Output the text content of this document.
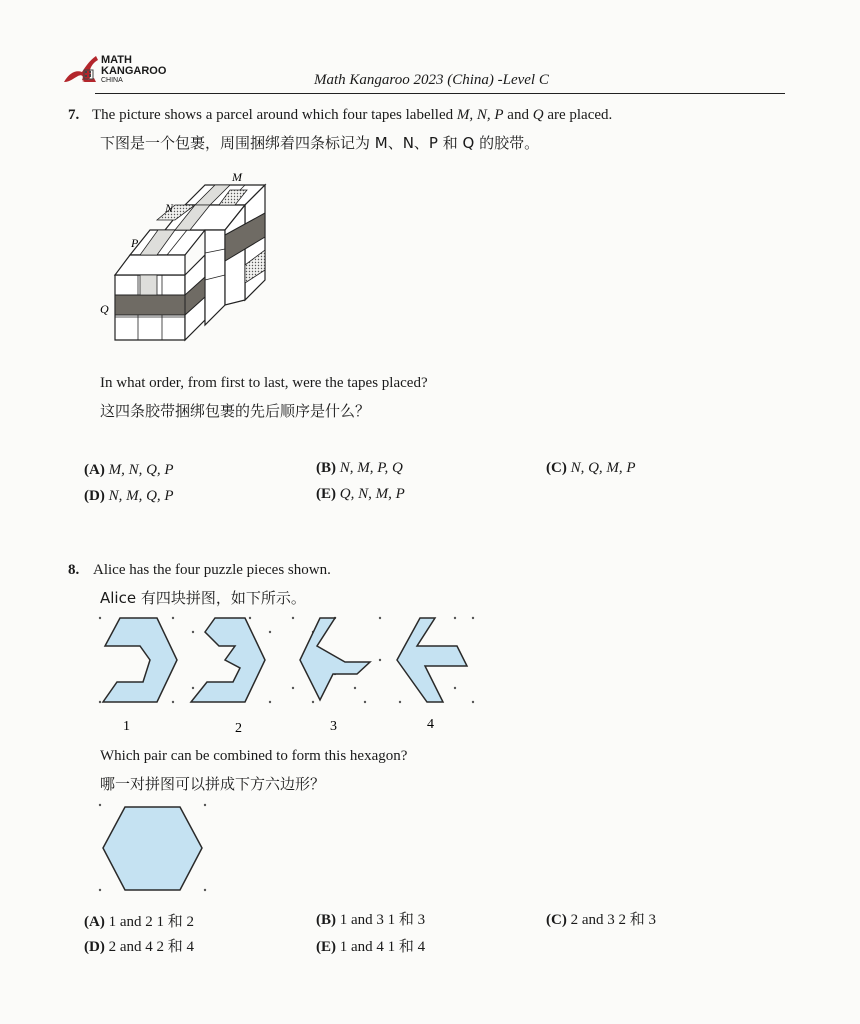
MATH
KANGAROO
CHINA	Math Kangaroo 2023 (China) -Level C
7. The picture shows a parcel around which four tapes labelled M, N, P and Q are placed.
下图是一个包裹，周围捆绑着四条标记为 M、N、P 和 Q 的胶带。
M
N
P
Q
In what order, from first to last, were the tapes placed?
这四条胶带捆绑包裹的先后顺序是什么？
(A) M, N, Q, P	(B) N, M, P, Q	(C) N, Q, M, P
(D) N, M, Q, P	(E) Q, N, M, P
8. Alice has the four puzzle pieces shown.
Alice 有四块拼图，如下所示。
1	2	3	4
Which pair can be combined to form this hexagon?
哪一对拼图可以拼成下方六边形？
(A) 1 and 2 1 和 2	(B) 1 and 3 1 和 3	(C) 2 and 3 2 和 3
(D) 2 and 4 2 和 4	(E) 1 and 4 1 和 4
